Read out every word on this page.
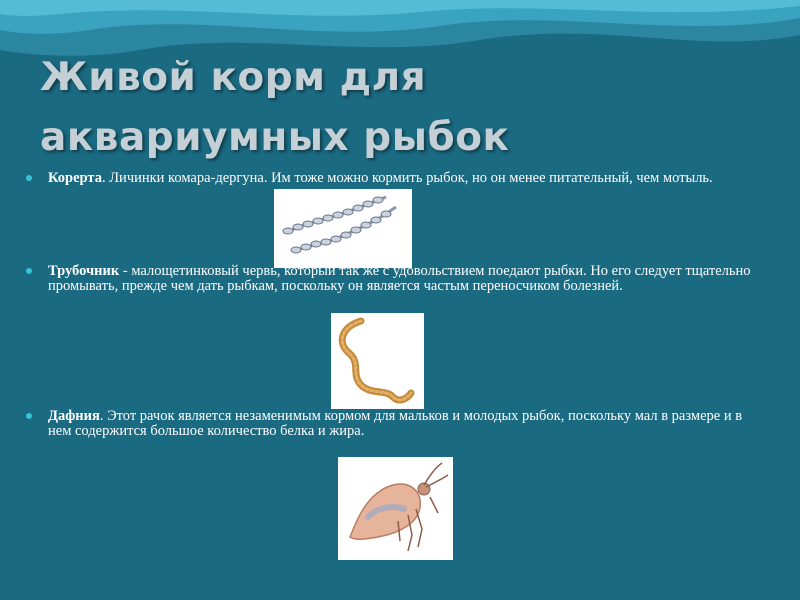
Живой корм для
аквариумных рыбок
Корерта. Личинки комара-дергуна. Им тоже можно кормить рыбок, но он менее питательный, чем мотыль.
Трубочник - малощетинковый червь, который так же с удовольствием поедают рыбки. Но его следует тщательно промывать, прежде чем дать рыбкам, поскольку он является частым переносчиком болезней.
Дафния. Этот рачок является незаменимым кормом для мальков и молодых рыбок, поскольку мал в размере и в нем содержится большое количество белка и жира.
